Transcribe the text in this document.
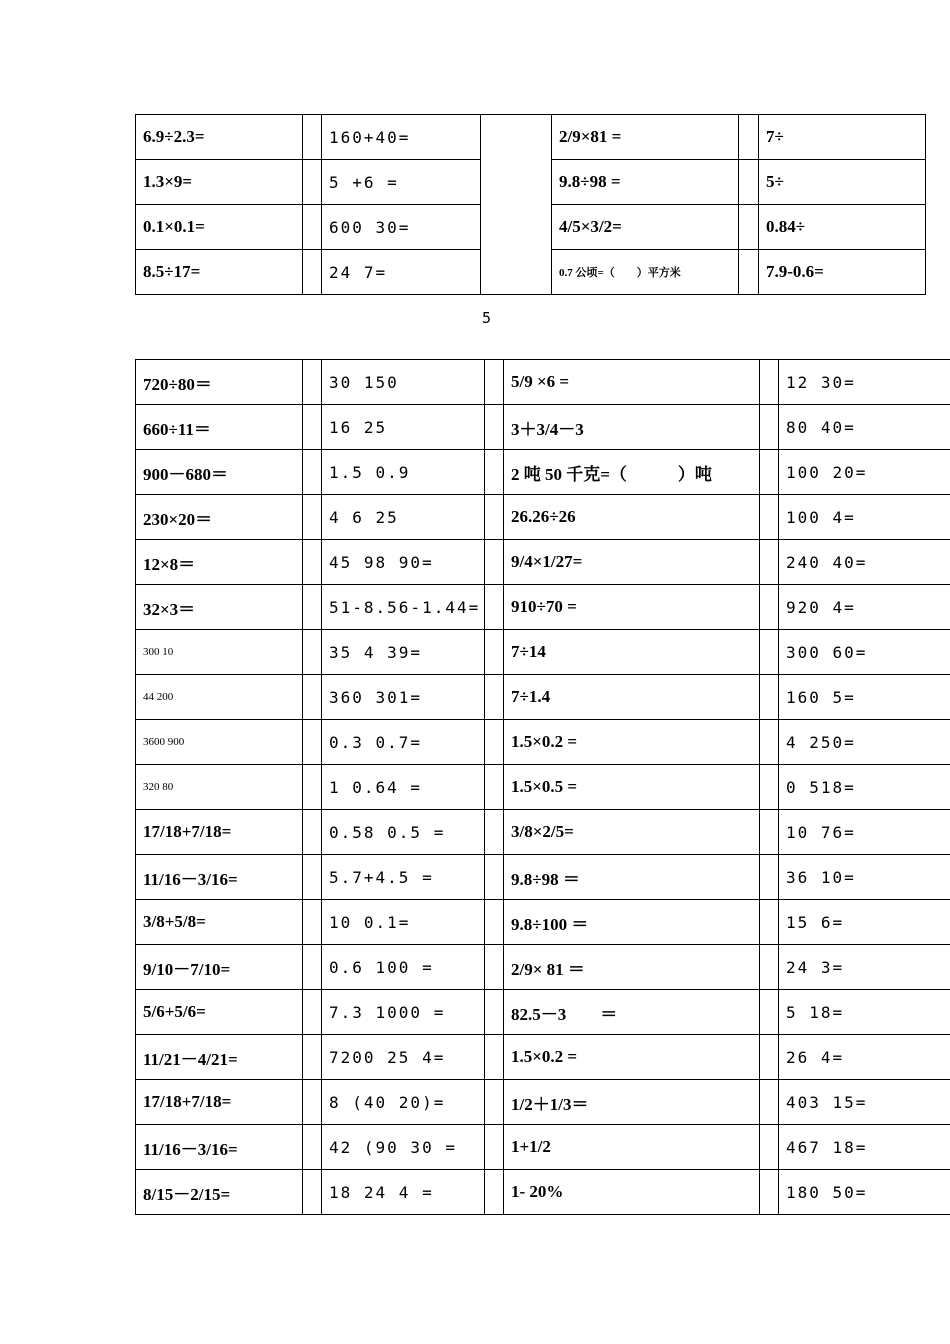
6.9÷2.3=		160+40=		2/9×81 =		7÷
1.3×9=		5 +6 =		9.8÷98 =		5÷
0.1×0.1=		600 30=		4/5×3/2=		0.84÷
8.5÷17=		24 7=		0.7 公顷=（　　）平方米		7.9-0.6=
5
720÷80＝		30 150		5/9 ×6 =		12 30=
660÷11＝		16 25		3＋3/4－3		80 40=
900－680＝		1.5 0.9		2 吨 50 千克=（　　　）吨		100 20=
230×20＝		4 6 25		26.26÷26		100 4=
12×8＝		45 98 90=		9/4×1/27=		240 40=
32×3＝		51-8.56-1.44=		910÷70 =		920 4=
300 10		35 4 39=		7÷14		300 60=
44 200		360 301=		7÷1.4		160 5=
3600 900		0.3 0.7=		1.5×0.2 =		4 250=
320 80		1 0.64 =		1.5×0.5 =		0 518=
17/18+7/18=		0.58 0.5 =		3/8×2/5=		10 76=
11/16－3/16=		5.7+4.5 =		9.8÷98 ＝		36 10=
3/8+5/8=		10 0.1=		9.8÷100 ＝		15 6=
9/10－7/10=		0.6 100 =		2/9× 81 ＝		24 3=
5/6+5/6=		7.3 1000 =		82.5－3　　＝		5 18=
11/21－4/21=		7200 25 4=		1.5×0.2 =		26 4=
17/18+7/18=		8 (40 20)=		1/2＋1/3＝		403 15=
11/16－3/16=		42 (90 30 =		1+1/2		467 18=
8/15－2/15=		18 24 4 =		1- 20%		180 50=
